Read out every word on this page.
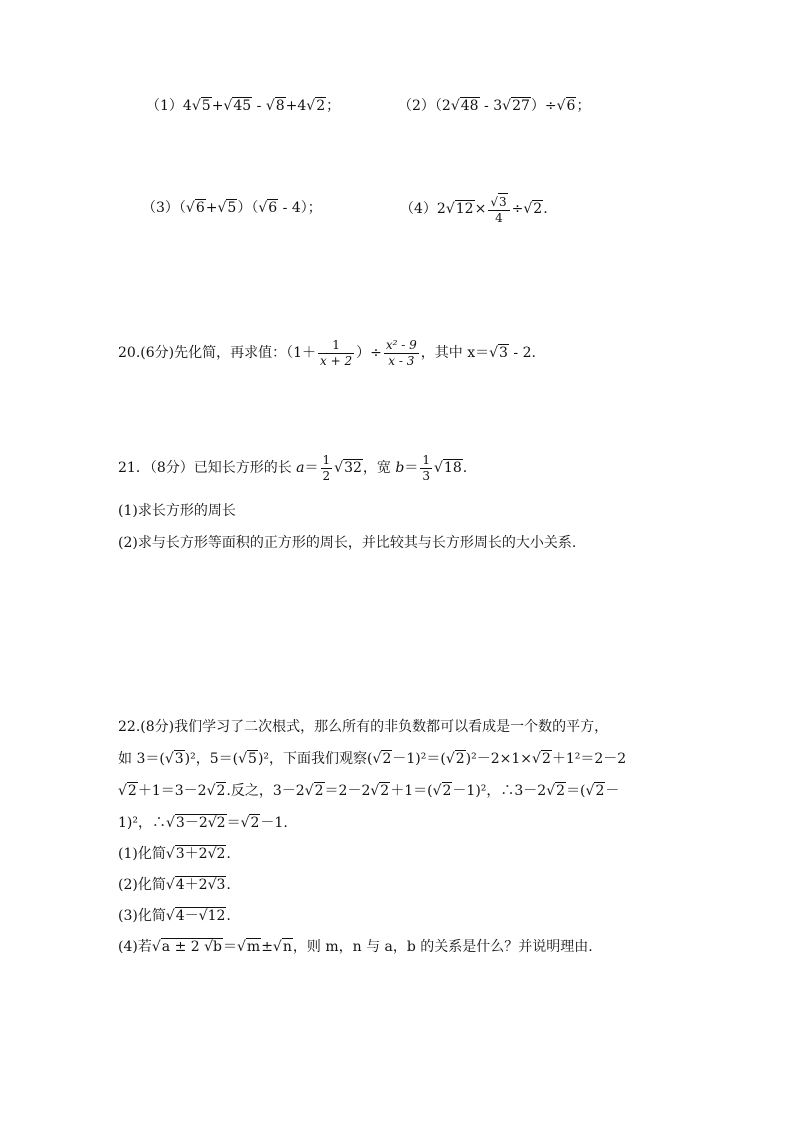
（1）4√5+√45 - √8+4√2；	（2）（2√48 - 3√27）÷√6；
（3）（√6+√5）（√6 - 4）；	$(4)2√12\times \frac{√3}{4} \div√2$.
20.(6分)先化简，再求值：（$1+ \frac{1}{x + 2}$ ）÷ $\frac{\text{x² - 9}}{x - 3}$ ，其中 x＝√3 - 2.
21．（8分）已知长方形的长 $a= \frac{1}{2} √32$，宽 $b= \frac{1}{3} √18$.
(1)求长方形的周长
(2)求与长方形等面积的正方形的周长，并比较其与长方形周长的大小关系.
22.(8分)我们学习了二次根式，那么所有的非负数都可以看成是一个数的平方，
如 3＝(√3)²，5＝(√5)²，下面我们观察(√2－1)²＝(√2)²－2×1×√2＋1²＝2－2
√2＋1＝3－2√2.反之，3－2√2＝2－2√2＋1＝(√2－1)²，∴3－2√2＝(√2－
1)²，∴√3－2√2＝√2－1.
(1)化简√3＋2√2.
(2)化简√4＋2√3.
(3)化简√4－√12.
(4)若√a ± 2 √b＝√m±√n，则 m，n 与 a，b 的关系是什么？并说明理由.
